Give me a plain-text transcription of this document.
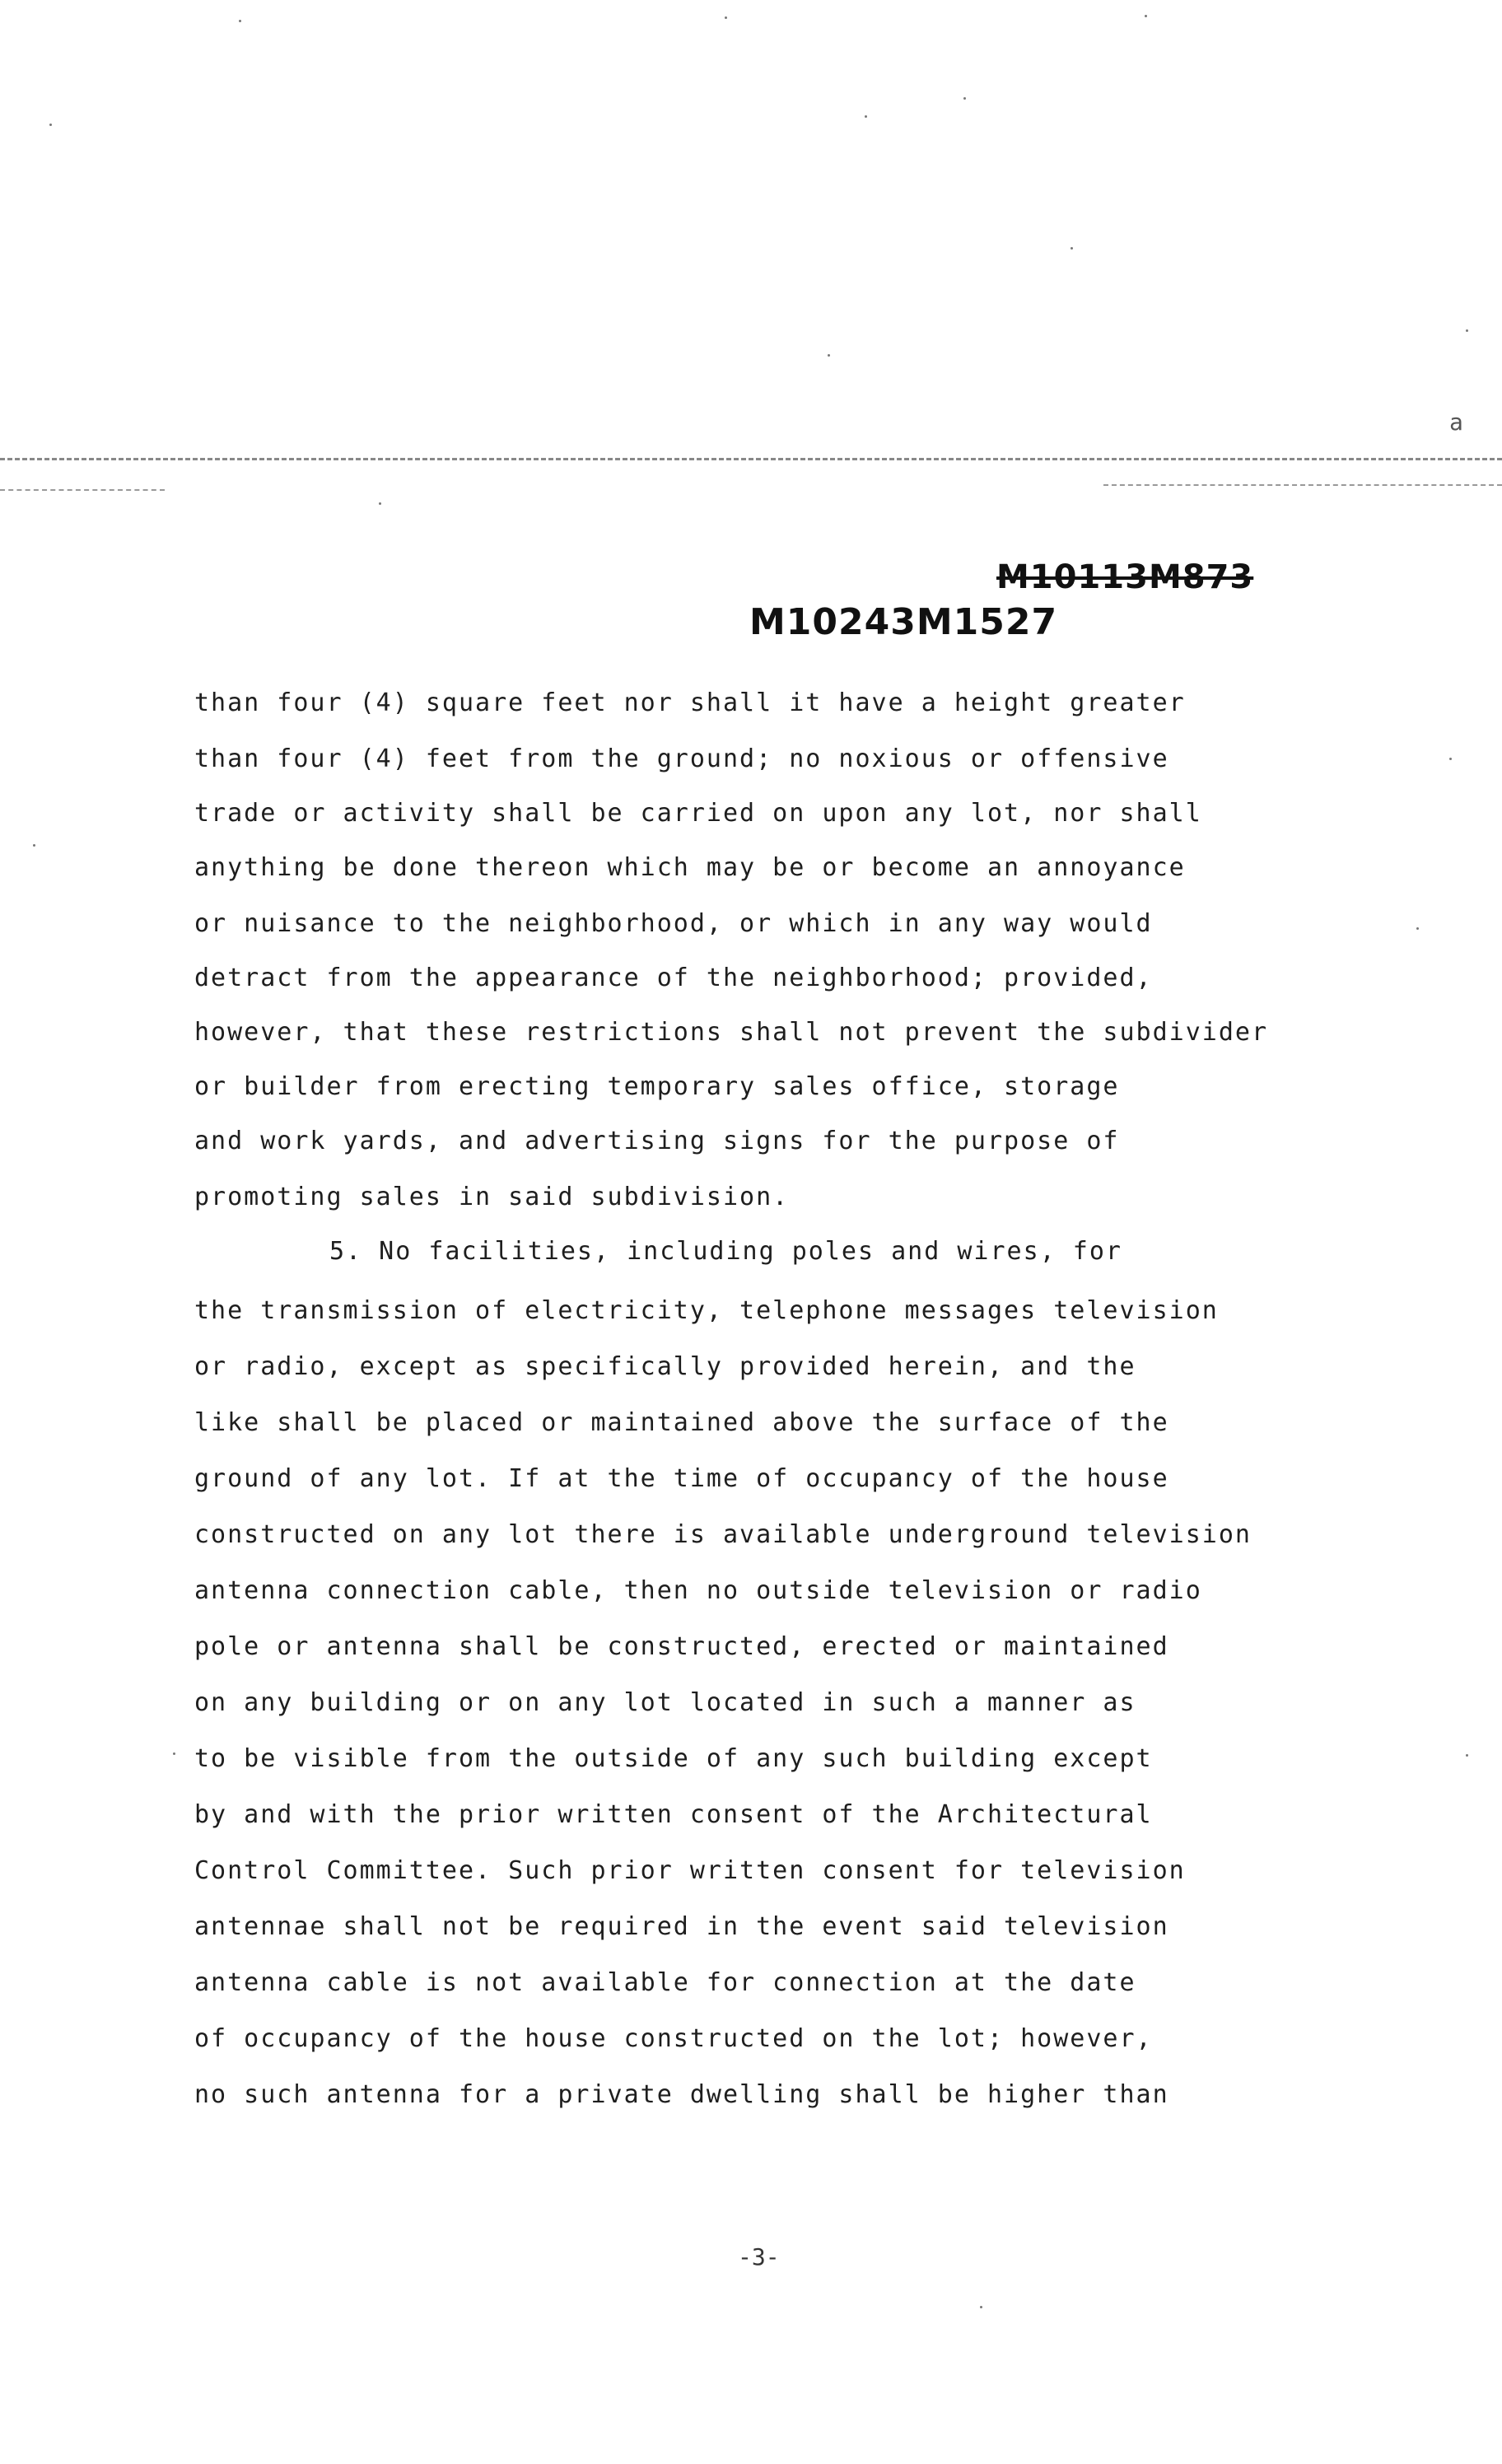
a
M10113M873
M10243M1527
than four (4) square feet nor shall it have a height greater
than four (4) feet from the ground; no noxious or offensive
trade or activity shall be carried on upon any lot, nor shall
anything be done thereon which may be or become an annoyance
or nuisance to the neighborhood, or which in any way would
detract from the appearance of the neighborhood; provided,
however, that these restrictions shall not prevent the subdivider
or builder from erecting temporary sales office, storage
and work yards, and advertising signs for the purpose of
promoting sales in said subdivision.
5. No facilities, including poles and wires, for
the transmission of electricity, telephone messages television
or radio, except as specifically provided herein, and the
like shall be placed or maintained above the surface of the
ground of any lot. If at the time of occupancy of the house
constructed on any lot there is available underground television
antenna connection cable, then no outside television or radio
pole or antenna shall be constructed, erected or maintained
on any building or on any lot located in such a manner as
to be visible from the outside of any such building except
by and with the prior written consent of the Architectural
Control Committee. Such prior written consent for television
antennae shall not be required in the event said television
antenna cable is not available for connection at the date
of occupancy of the house constructed on the lot; however,
no such antenna for a private dwelling shall be higher than
-3-
